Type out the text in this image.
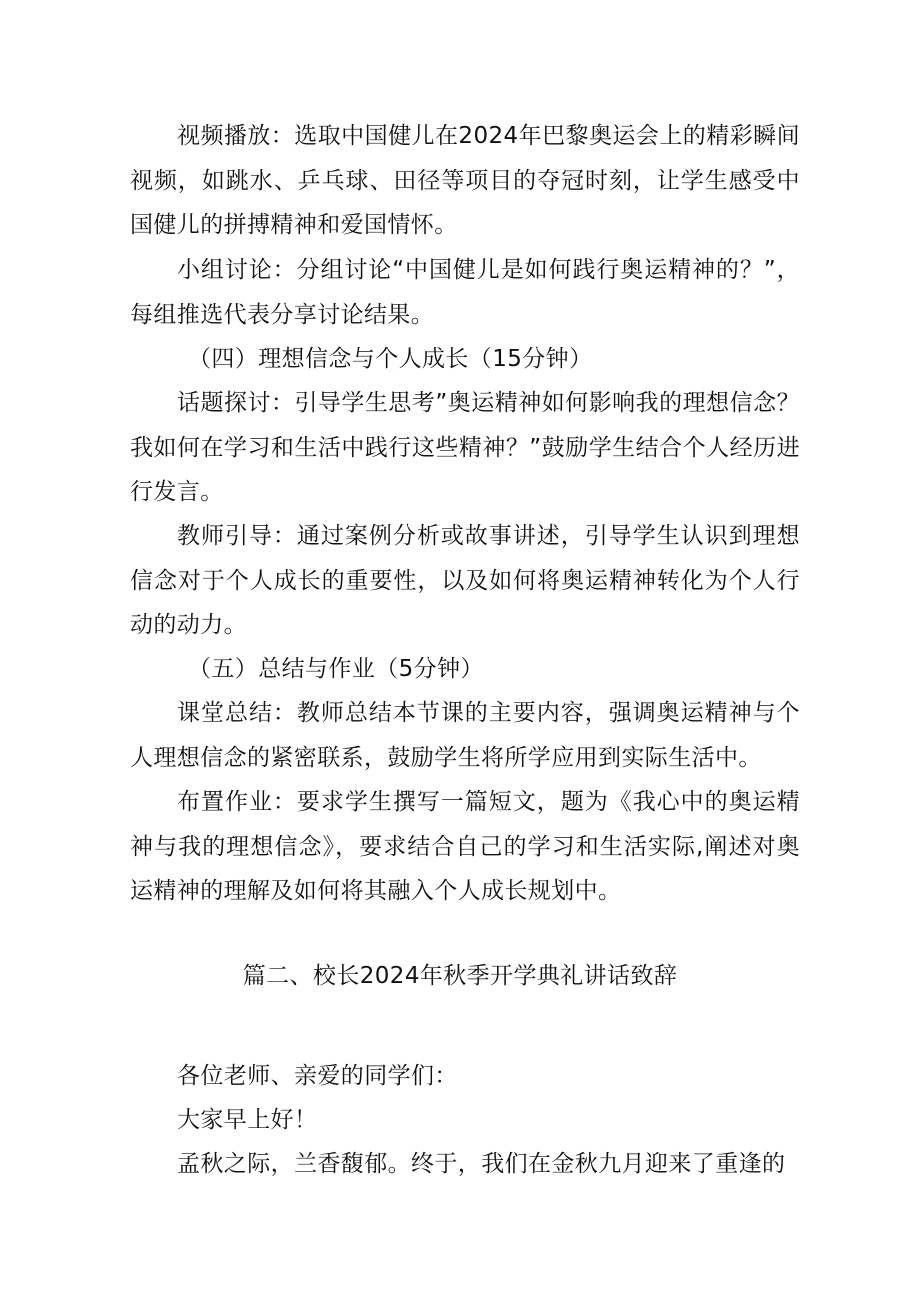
视频播放：选取中国健儿在2024年巴黎奥运会上的精彩瞬间视频，如跳水、乒乓球、田径等项目的夺冠时刻，让学生感受中国健儿的拼搏精神和爱国情怀。

小组讨论：分组讨论“中国健儿是如何践行奥运精神的？”，每组推选代表分享讨论结果。

（四）理想信念与个人成长（15分钟）

话题探讨：引导学生思考”奥运精神如何影响我的理想信念？我如何在学习和生活中践行这些精神？”鼓励学生结合个人经历进行发言。

教师引导：通过案例分析或故事讲述，引导学生认识到理想信念对于个人成长的重要性，以及如何将奥运精神转化为个人行动的动力。

（五）总结与作业（5分钟）

课堂总结：教师总结本节课的主要内容，强调奥运精神与个人理想信念的紧密联系，鼓励学生将所学应用到实际生活中。

布置作业：要求学生撰写一篇短文，题为《我心中的奥运精神与我的理想信念》，要求结合自己的学习和生活实际,阐述对奥运精神的理解及如何将其融入个人成长规划中。

篇二、校长2024年秋季开学典礼讲话致辞

各位老师、亲爱的同学们：

大家早上好！

孟秋之际，兰香馥郁。终于，我们在金秋九月迎来了重逢的
